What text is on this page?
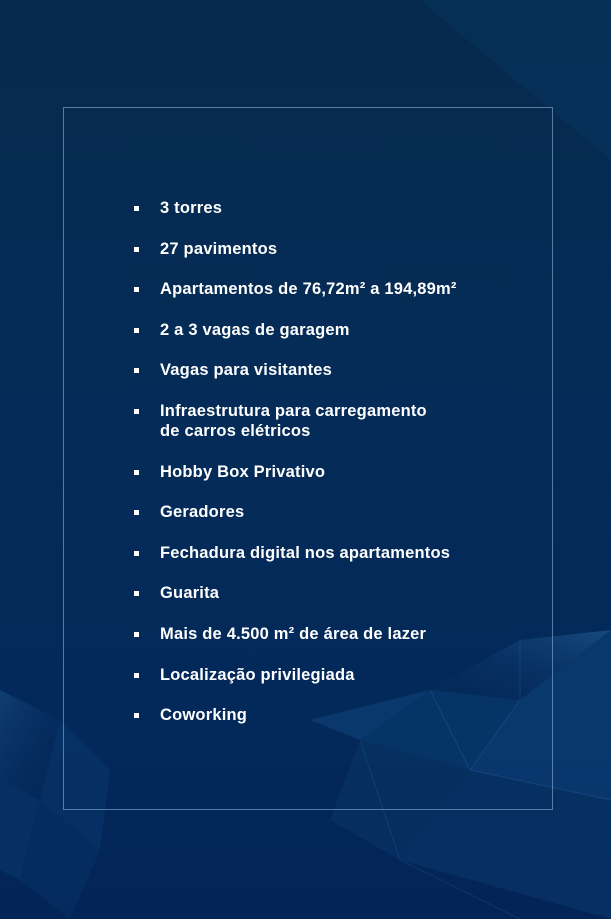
3 torres
27 pavimentos
Apartamentos de 76,72m² a 194,89m²
2 a 3 vagas de garagem
Vagas para visitantes
Infraestrutura para carregamento
de carros elétricos
Hobby Box Privativo
Geradores
Fechadura digital nos apartamentos
Guarita
Mais de 4.500 m² de área de lazer
Localização privilegiada
Coworking
